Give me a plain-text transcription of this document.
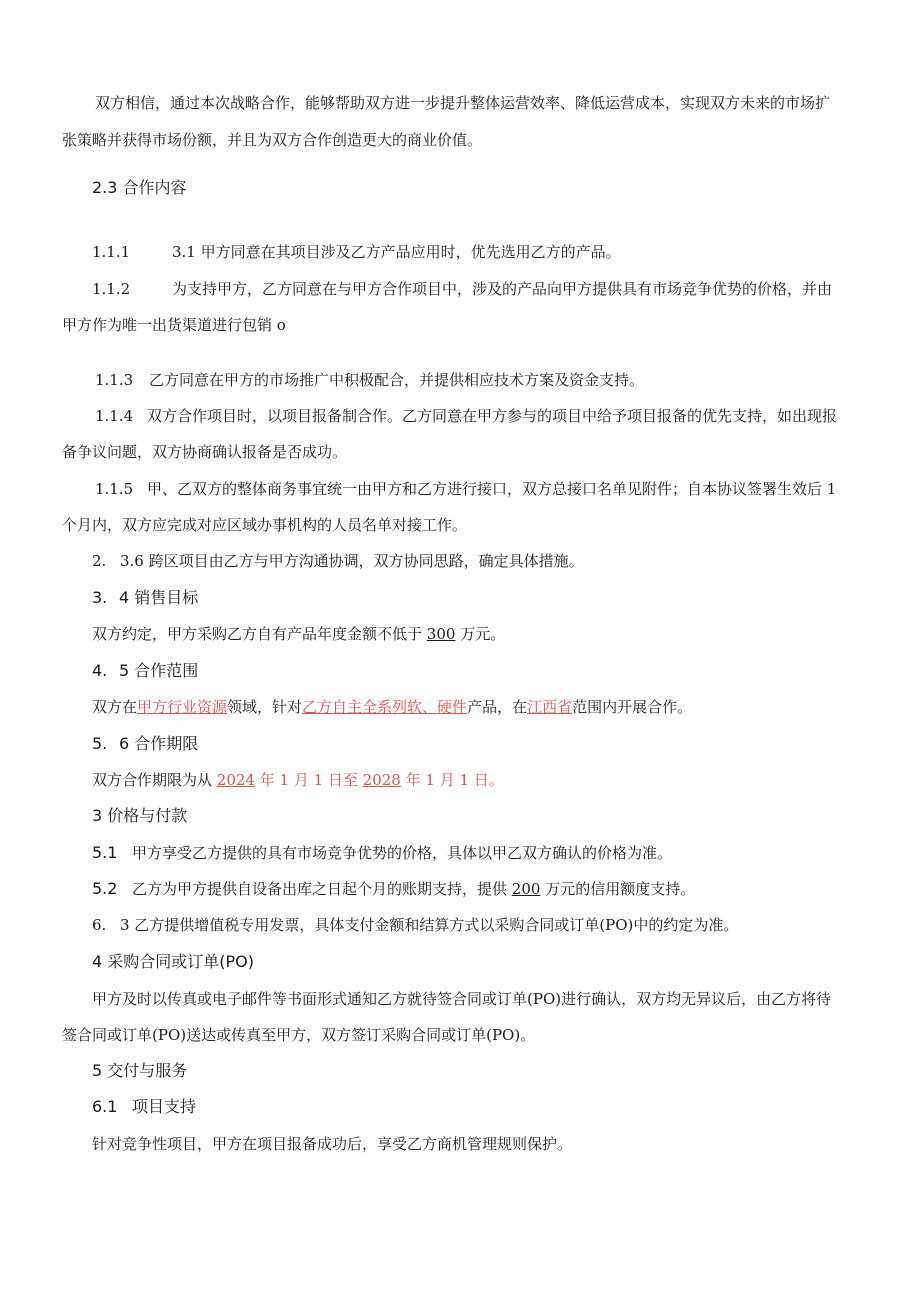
双方相信，通过本次战略合作，能够帮助双方进一步提升整体运营效率、降低运营成本，实现双方未来的市场扩
张策略并获得市场份额，并且为双方合作创造更大的商业价值。
2.3 合作内容
1.1.1	3.1 甲方同意在其项目涉及乙方产品应用时，优先选用乙方的产品。
1.1.2	为支持甲方，乙方同意在与甲方合作项目中，涉及的产品向甲方提供具有市场竞争优势的价格，并由
甲方作为唯一出货渠道进行包销 o
1.1.3 乙方同意在甲方的市场推广中积极配合，并提供相应技术方案及资金支持。
1.1.4 双方合作项目时，以项目报备制合作。乙方同意在甲方参与的项目中给予项目报备的优先支持，如出现报
备争议问题，双方协商确认报备是否成功。
1.1.5 甲、乙双方的整体商务事宜统一由甲方和乙方进行接口，双方总接口名单见附件；自本协议签署生效后 1
个月内，双方应完成对应区域办事机构的人员名单对接工作。
2. 3.6 跨区项目由乙方与甲方沟通协调，双方协同思路，确定具体措施。
3. 4 销售目标
双方约定，甲方采购乙方自有产品年度金额不低于 300 万元。
4. 5 合作范围
双方在甲方行业资源领域，针对乙方自主全系列软、硬件产品，在江西省范围内开展合作。
5. 6 合作期限
双方合作期限为从 2024 年 1 月 1 日至 2028 年 1 月 1 日。
3 价格与付款
5.1 甲方享受乙方提供的具有市场竞争优势的价格，具体以甲乙双方确认的价格为准。
5.2 乙方为甲方提供自设备出库之日起个月的账期支持，提供 200 万元的信用额度支持。
6. 3 乙方提供增值税专用发票，具体支付金额和结算方式以采购合同或订单(PO)中的约定为准。
4 采购合同或订单(PO)
甲方及时以传真或电子邮件等书面形式通知乙方就待签合同或订单(PO)进行确认，双方均无异议后，由乙方将待
签合同或订单(PO)送达或传真至甲方，双方签订采购合同或订单(PO)。
5 交付与服务
6.1 项目支持
针对竞争性项目，甲方在项目报备成功后，享受乙方商机管理规则保护。
